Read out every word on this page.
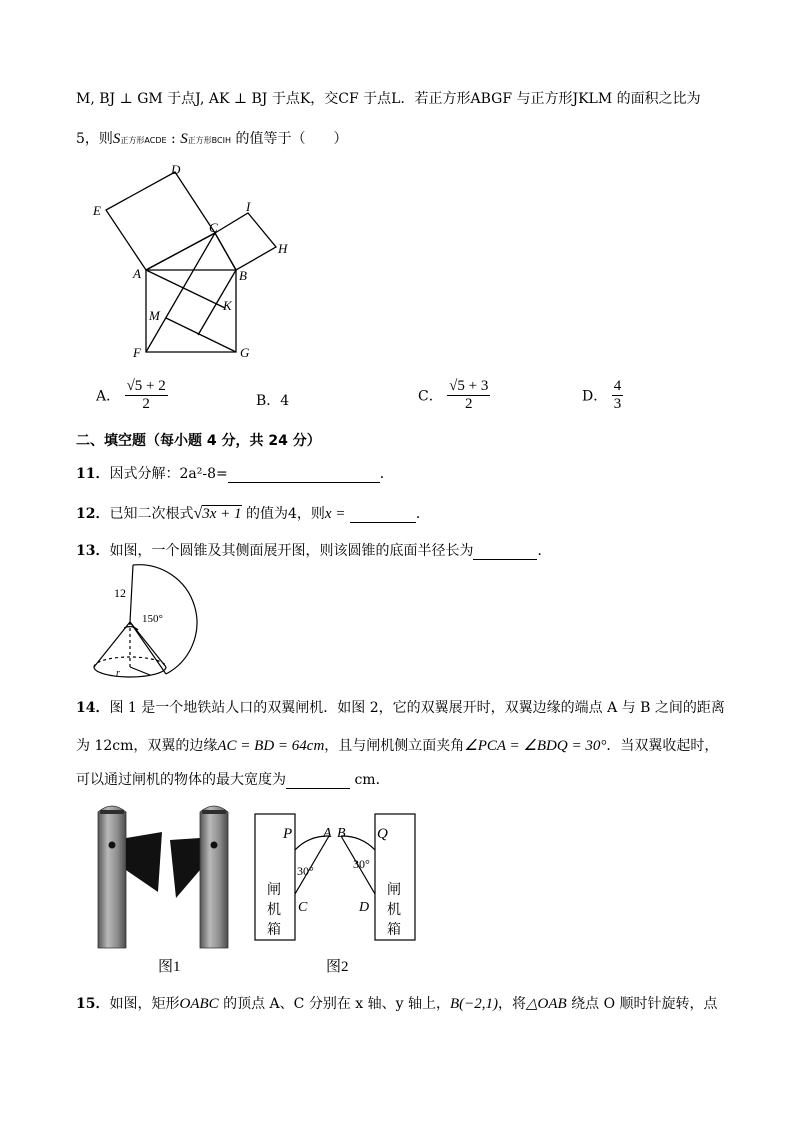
M, BJ ⊥ GM 于点J, AK ⊥ BJ 于点K，交CF 于点L．若正方形ABGF 与正方形JKLM 的面积之比为
5，则S正方形ACDE : S正方形BCIH 的值等于（　　）
D
E
C
I
H
A	B
K
M
F	G
A． $\frac{√5 + 2}{2}$	B．4	C． $\frac{√5 + 3}{2}$	D． $\frac{4}{3}$
二、填空题（每小题 4 分，共 24 分）
11．因式分解：2a²-8=	．
12．已知二次根式√3x + 1 的值为4，则x =	．
13．如图，一个圆锥及其侧面展开图，则该圆锥的底面半径长为	．
12
150°
r
14．图 1 是一个地铁站人口的双翼闸机．如图 2，它的双翼展开时，双翼边缘的端点 A 与 B 之间的距离
为 12cm，双翼的边缘AC = BD = 64cm，且与闸机侧立面夹角∠PCA = ∠BDQ = 30°．当双翼收起时，
可以通过闸机的物体的最大宽度为	cm．
图1
P A B Q
30°	30°
C	D
闸
机
箱
闸
机
箱
图2
15．如图，矩形OABC 的顶点 A、C 分别在 x 轴、y 轴上，B(−2,1)，将△OAB 绕点 O 顺时针旋转，点
